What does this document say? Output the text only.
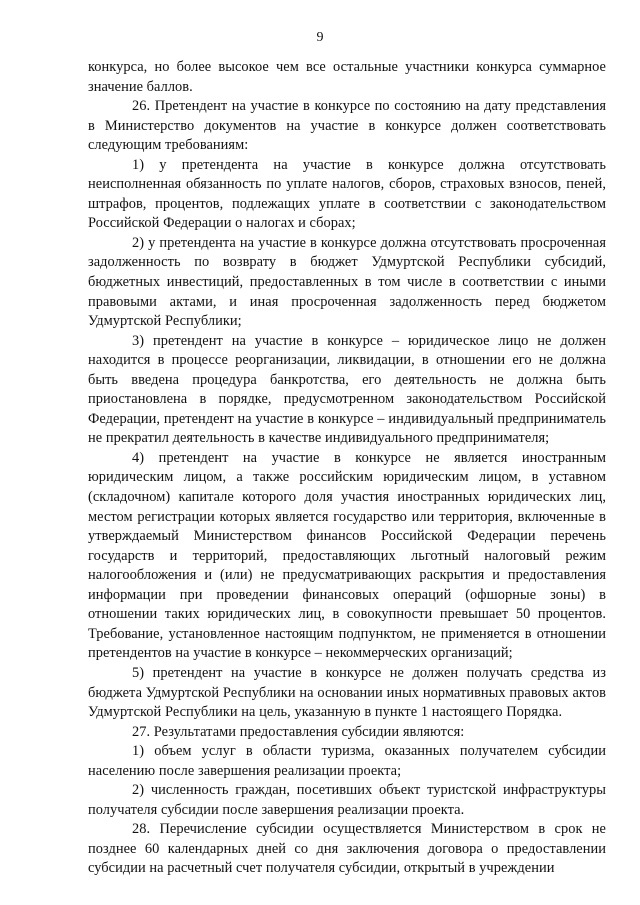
9

конкурса, но более высокое чем все остальные участники конкурса суммарное значение баллов.

26. Претендент на участие в конкурсе по состоянию на дату представления в Министерство документов на участие в конкурсе должен соответствовать следующим требованиям:

1) у претендента на участие в конкурсе должна отсутствовать неисполненная обязанность по уплате налогов, сборов, страховых взносов, пеней, штрафов, процентов, подлежащих уплате в соответствии с законодательством Российской Федерации о налогах и сборах;

2) у претендента на участие в конкурсе должна отсутствовать просроченная задолженность по возврату в бюджет Удмуртской Республики субсидий, бюджетных инвестиций, предоставленных в том числе в соответствии с иными правовыми актами, и иная просроченная задолженность перед бюджетом Удмуртской Республики;

3) претендент на участие в конкурсе – юридическое лицо не должен находится в процессе реорганизации, ликвидации, в отношении его не должна быть введена процедура банкротства, его деятельность не должна быть приостановлена в порядке, предусмотренном законодательством Российской Федерации, претендент на участие в конкурсе – индивидуальный предприниматель не прекратил деятельность в качестве индивидуального предпринимателя;

4) претендент на участие в конкурсе не является иностранным юридическим лицом, а также российским юридическим лицом, в уставном (складочном) капитале которого доля участия иностранных юридических лиц, местом регистрации которых является государство или территория, включенные в утверждаемый Министерством финансов Российской Федерации перечень государств и территорий, предоставляющих льготный налоговый режим налогообложения и (или) не предусматривающих раскрытия и предоставления информации при проведении финансовых операций (офшорные зоны) в отношении таких юридических лиц, в совокупности превышает 50 процентов. Требование, установленное настоящим подпунктом, не применяется в отношении претендентов на участие в конкурсе – некоммерческих организаций;

5) претендент на участие в конкурсе не должен получать средства из бюджета Удмуртской Республики на основании иных нормативных правовых актов Удмуртской Республики на цель, указанную в пункте 1 настоящего Порядка.

27. Результатами предоставления субсидии являются:

1) объем услуг в области туризма, оказанных получателем субсидии населению после завершения реализации проекта;

2) численность граждан, посетивших объект туристской инфраструктуры получателя субсидии после завершения реализации проекта.

28. Перечисление субсидии осуществляется Министерством в срок не позднее 60 календарных дней со дня заключения договора о предоставлении субсидии на расчетный счет получателя субсидии, открытый в учреждении
